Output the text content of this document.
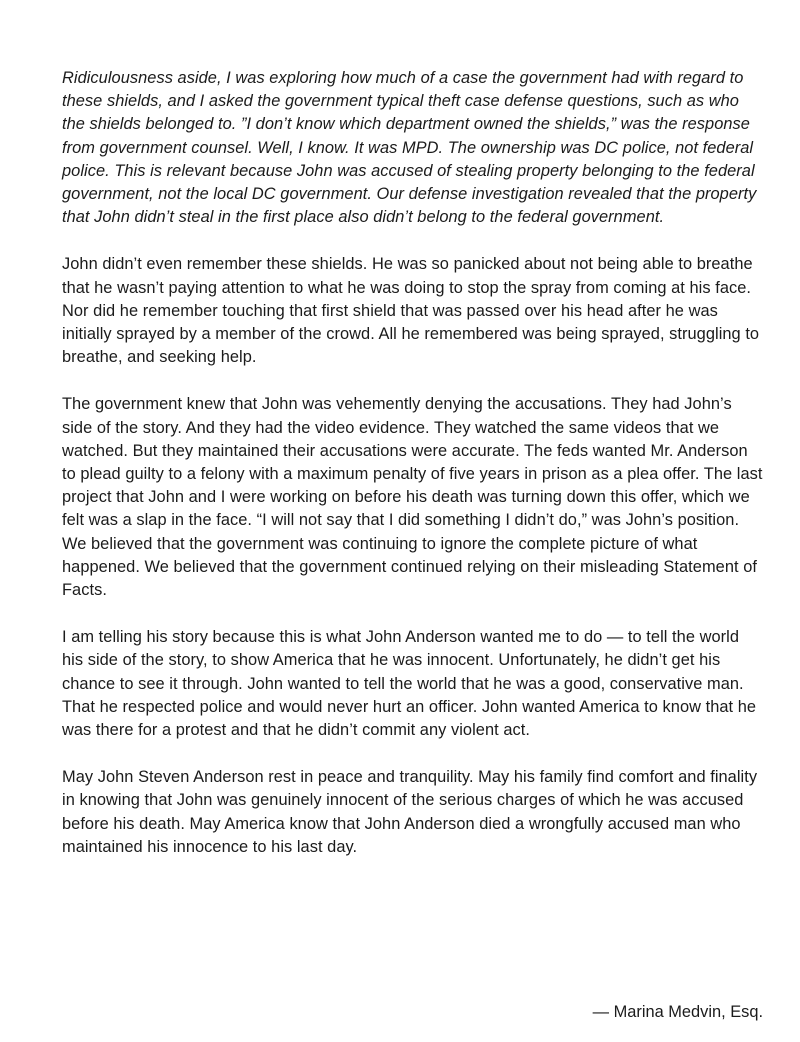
Ridiculousness aside, I was exploring how much of a case the government had with regard to these shields, and I asked the government typical theft case defense questions, such as who the shields belonged to. ”I don’t know which department owned the shields,” was the response from government counsel. Well, I know. It was MPD. The ownership was DC police, not federal police. This is relevant because John was accused of stealing property belonging to the federal government, not the local DC government. Our defense investigation revealed that the property that John didn’t steal in the first place also didn’t belong to the federal government.

John didn’t even remember these shields. He was so panicked about not being able to breathe that he wasn’t paying attention to what he was doing to stop the spray from coming at his face. Nor did he remember touching that first shield that was passed over his head after he was initially sprayed by a member of the crowd. All he remembered was being sprayed, struggling to breathe, and seeking help.

The government knew that John was vehemently denying the accusations. They had John’s side of the story. And they had the video evidence. They watched the same videos that we watched. But they maintained their accusations were accurate. The feds wanted Mr. Anderson to plead guilty to a felony with a maximum penalty of five years in prison as a plea offer. The last project that John and I were working on before his death was turning down this offer, which we felt was a slap in the face. “I will not say that I did something I didn’t do,” was John’s position. We believed that the government was continuing to ignore the complete picture of what happened. We believed that the government continued relying on their misleading Statement of Facts.

I am telling his story because this is what John Anderson wanted me to do — to tell the world his side of the story, to show America that he was innocent. Unfortunately, he didn’t get his chance to see it through. John wanted to tell the world that he was a good, conservative man. That he respected police and would never hurt an officer. John wanted America to know that he was there for a protest and that he didn’t commit any violent act.

May John Steven Anderson rest in peace and tranquility. May his family find comfort and finality in knowing that John was genuinely innocent of the serious charges of which he was accused before his death. May America know that John Anderson died a wrongfully accused man who maintained his innocence to his last day.

— Marina Medvin, Esq.
